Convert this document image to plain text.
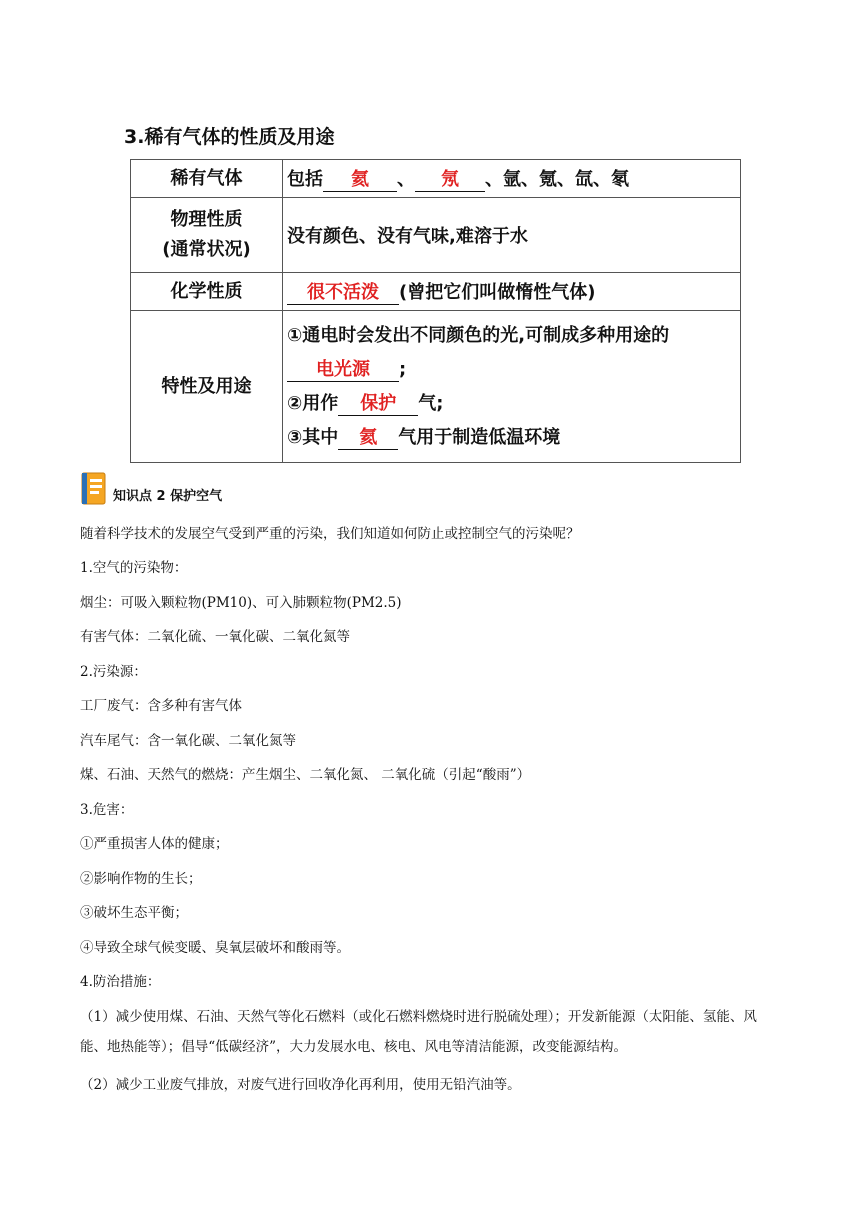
3.稀有气体的性质及用途
稀有气体	包括 氦 、 氖 、氩、氪、氙、氡

物理性质
(通常状况)	没有颜色、没有气味,难溶于水
化学性质	很不活泼 (曾把它们叫做惰性气体)
特性及用途	①通电时会发出不同颜色的光,可制成多种用途的
电光源 ;
②用作 保护 气;
③其中 氦 气用于制造低温环境
知识点 2 保护空气

随着科学技术的发展空气受到严重的污染，我们知道如何防止或控制空气的污染呢？

1.空气的污染物：

烟尘：可吸入颗粒物(PM10)、可入肺颗粒物(PM2.5)

有害气体：二氧化硫、一氧化碳、二氧化氮等

2.污染源：

工厂废气：含多种有害气体

汽车尾气：含一氧化碳、二氧化氮等

煤、石油、天然气的燃烧：产生烟尘、二氧化氮、 二氧化硫（引起“酸雨”）

3.危害：

①严重损害人体的健康；

②影响作物的生长；

③破坏生态平衡；

④导致全球气候变暖、臭氧层破坏和酸雨等。

4.防治措施：

（1）减少使用煤、石油、天然气等化石燃料（或化石燃料燃烧时进行脱硫处理）；开发新能源（太阳能、氢能、风能、地热能等）；倡导“低碳经济”，大力发展水电、核电、风电等清洁能源，改变能源结构。

（2）减少工业废气排放，对废气进行回收净化再利用，使用无铅汽油等。
